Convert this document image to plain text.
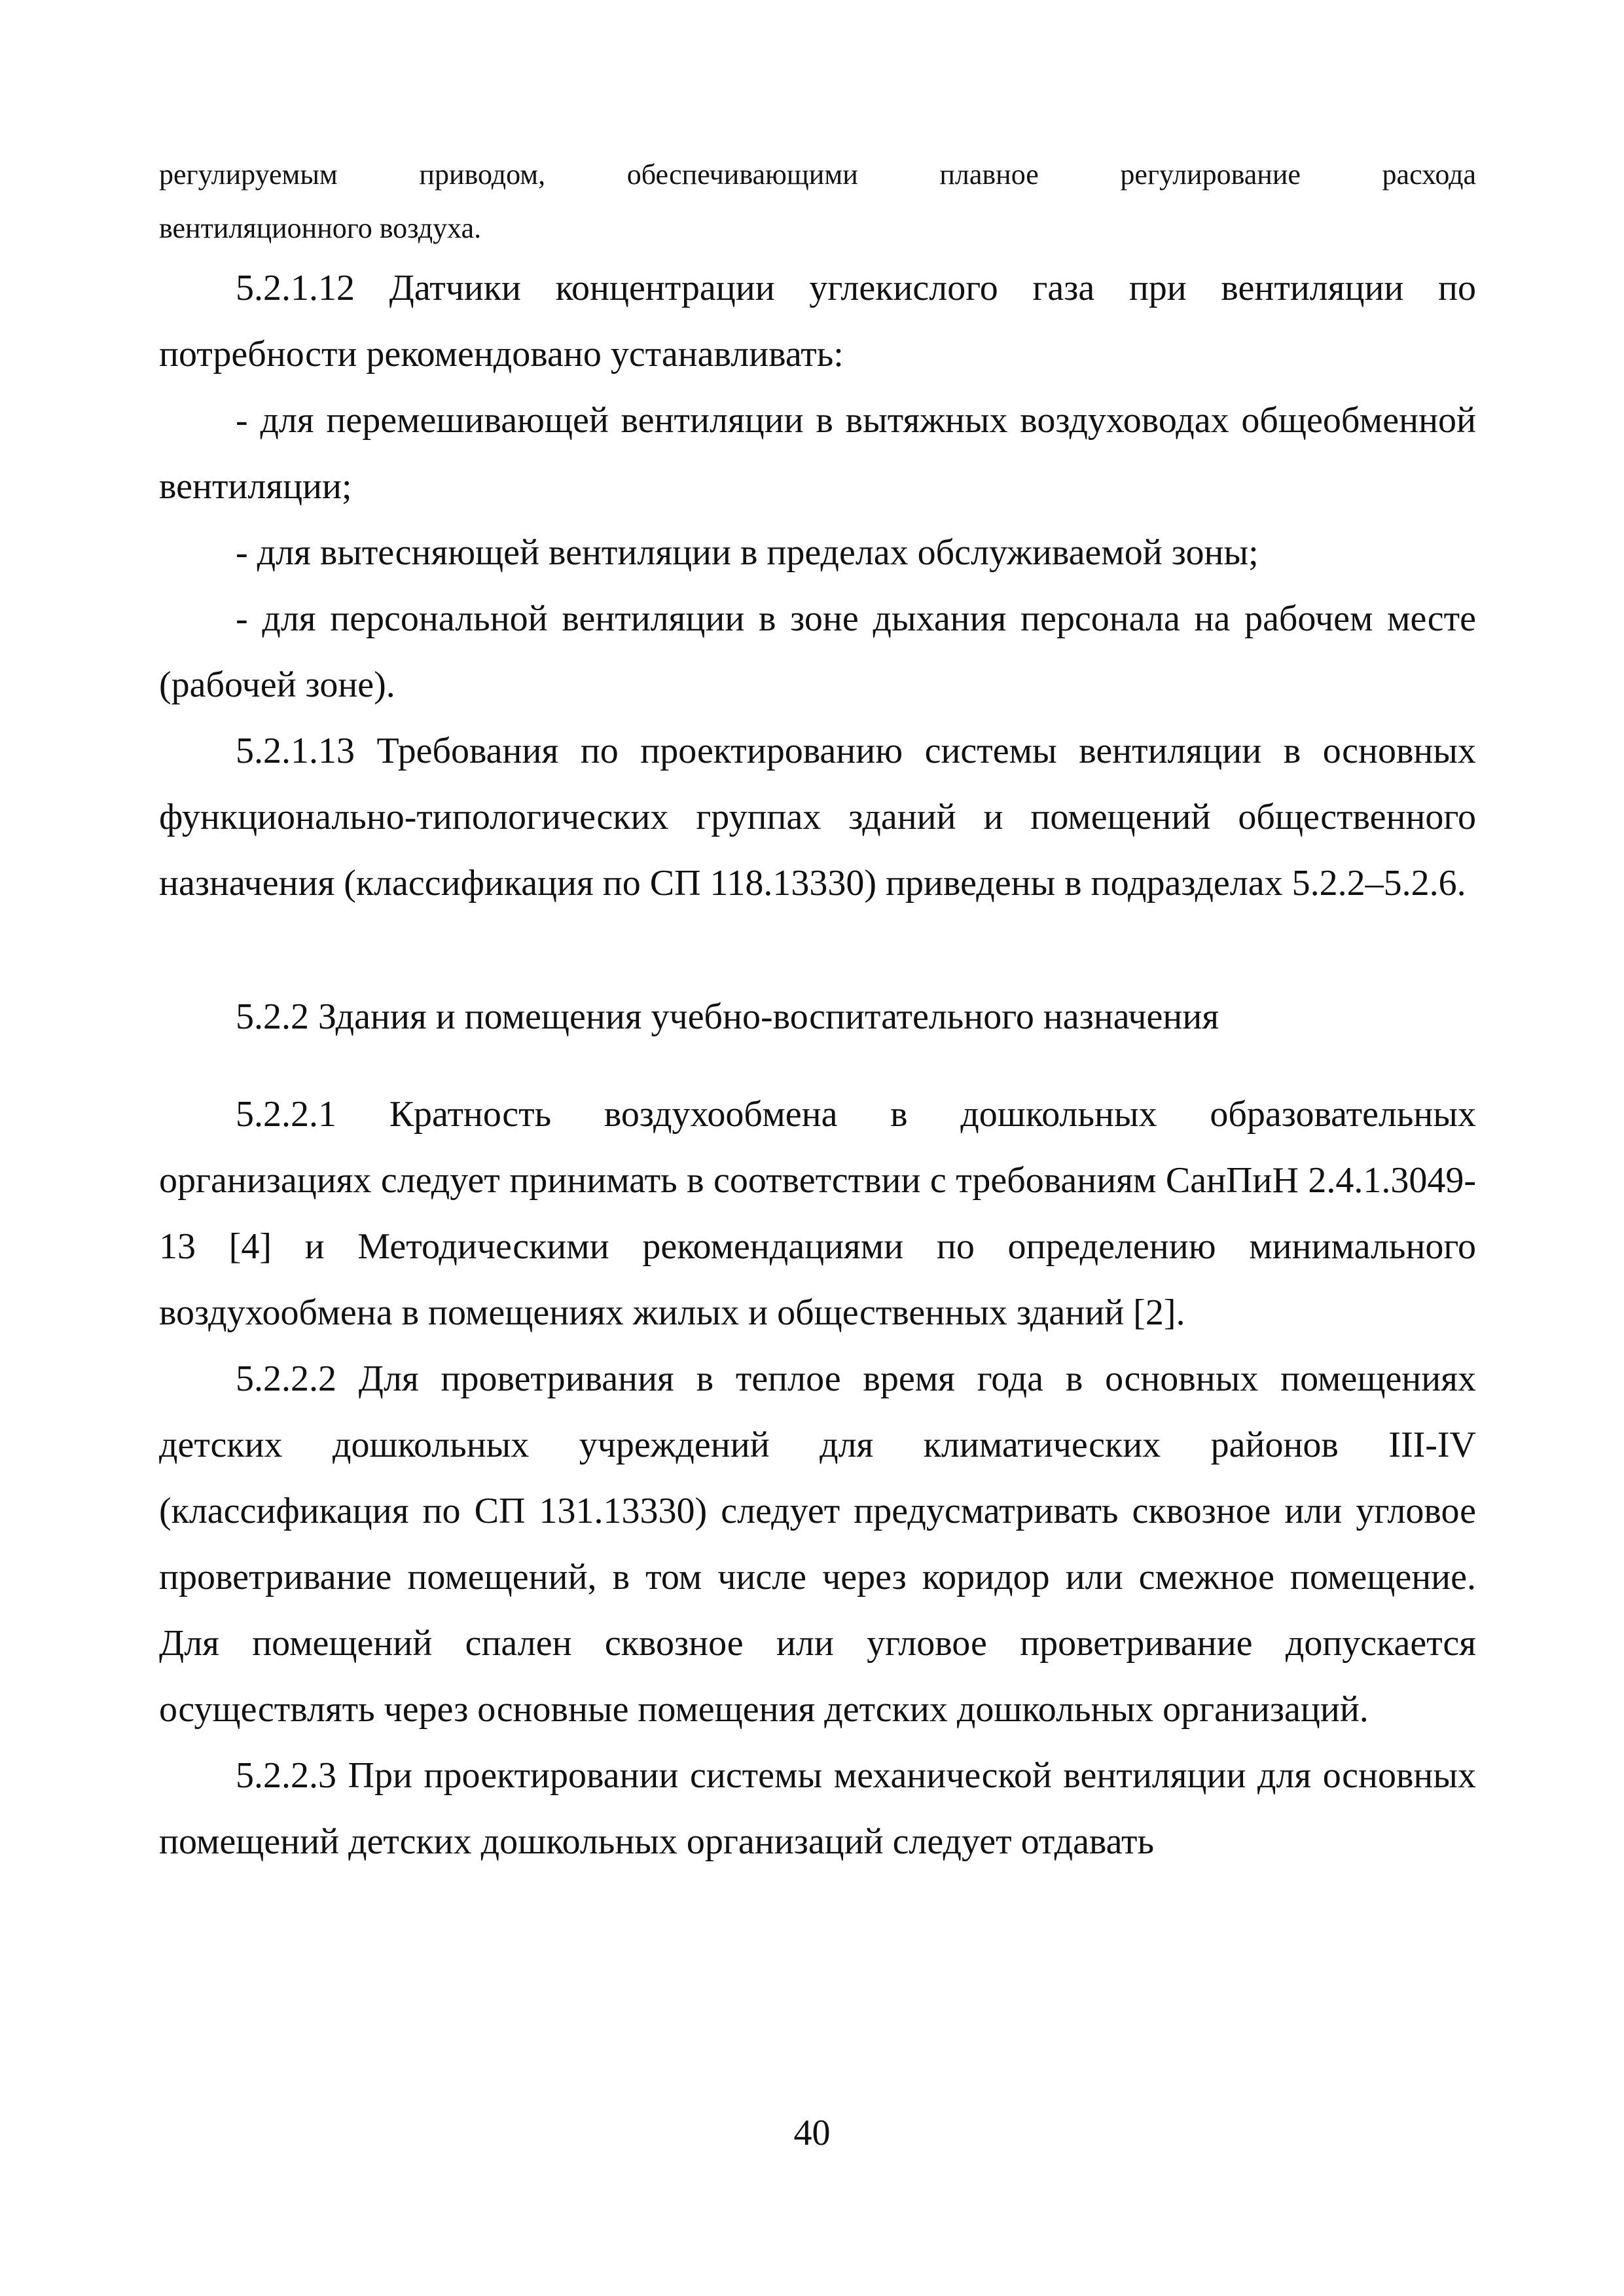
регулируемым приводом, обеспечивающими плавное регулирование расхода
вентиляционного воздуха.

5.2.1.12 Датчики концентрации углекислого газа при вентиляции по потребности рекомендовано устанавливать:

- для перемешивающей вентиляции в вытяжных воздуховодах общеобменной вентиляции;

- для вытесняющей вентиляции в пределах обслуживаемой зоны;

- для персональной вентиляции в зоне дыхания персонала на рабочем месте (рабочей зоне).

5.2.1.13 Требования по проектированию системы вентиляции в основных функционально-типологических группах зданий и помещений общественного назначения (классификация по СП 118.13330) приведены в подразделах 5.2.2–5.2.6.

5.2.2 Здания и помещения учебно-воспитательного назначения

5.2.2.1 Кратность воздухообмена в дошкольных образовательных организациях следует принимать в соответствии с требованиям СанПиН 2.4.1.3049-13 [4] и Методическими рекомендациями по определению минимального воздухообмена в помещениях жилых и общественных зданий [2].

5.2.2.2 Для проветривания в теплое время года в основных помещениях детских дошкольных учреждений для климатических районов III-IV (классификация по СП 131.13330) следует предусматривать сквозное или угловое проветривание помещений, в том числе через коридор или смежное помещение. Для помещений спален сквозное или угловое проветривание допускается осуществлять через основные помещения детских дошкольных организаций.

5.2.2.3 При проектировании системы механической вентиляции для основных помещений детских дошкольных организаций следует отдавать

40
